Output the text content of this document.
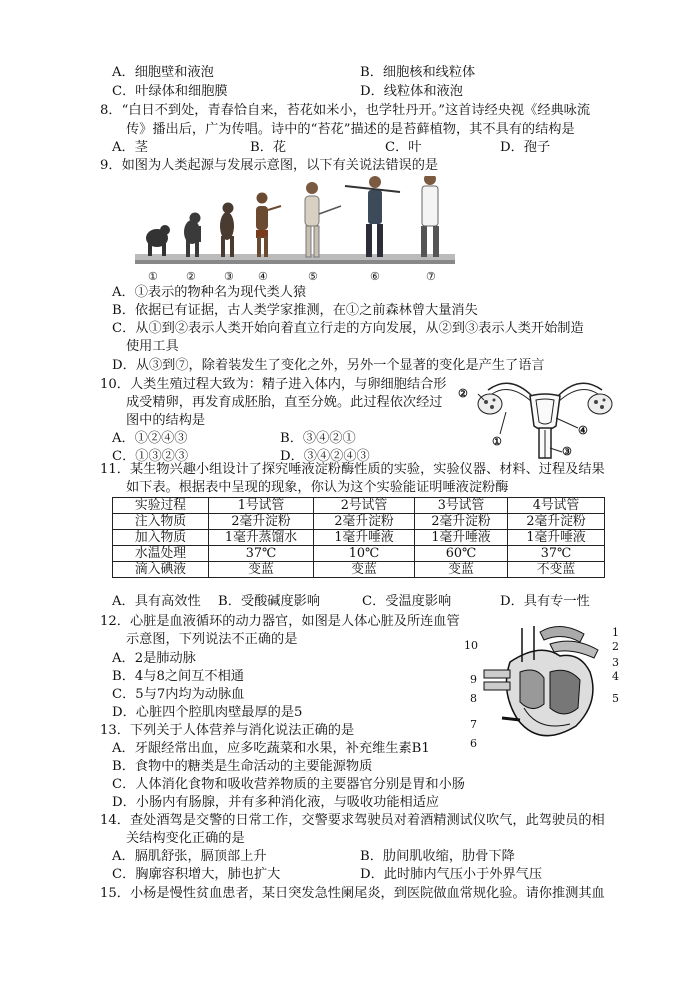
A．细胞壁和液泡	B．细胞核和线粒体
C．叶绿体和细胞膜	D．线粒体和液泡
8．“白日不到处，青春恰自来，苔花如米小，也学牡丹开。”这首诗经央视《经典咏流
传》播出后，广为传唱。诗中的“苔花”描述的是苔藓植物，其不具有的结构是
A．茎	B．花	C．叶	D．孢子
9．如图为人类起源与发展示意图，以下有关说法错误的是
①	②	③ ④	⑤	⑥	⑦
A．①表示的物种名为现代类人猿
B．依据已有证据，古人类学家推测，在①之前森林曾大量消失
C．从①到②表示人类开始向着直立行走的方向发展，从②到③表示人类开始制造
使用工具
D．从③到⑦，除着装发生了变化之外，另外一个显著的变化是产生了语言
10．人类生殖过程大致为：精子进入体内，与卵细胞结合形
成受精卵，再发育成胚胎，直至分娩。此过程依次经过
图中的结构是
A．①②④③	B．③④②①
C．①③②③	D．③④②④③
②
④
①
③
11．某生物兴趣小组设计了探究唾液淀粉酶性质的实验，实验仪器、材料、过程及结果
如下表。根据表中呈现的现象，你认为这个实验能证明唾液淀粉酶
实验过程	1号试管	2号试管	3号试管	4号试管
注入物质	2毫升淀粉	2毫升淀粉	2毫升淀粉	2毫升淀粉
加入物质	1毫升蒸馏水	1毫升唾液	1毫升唾液	1毫升唾液
水温处理	37℃	10℃	60℃	37℃
滴入碘液	变蓝	变蓝	变蓝	不变蓝
A．具有高效性 B．受酸碱度影响	C．受温度影响	D．具有专一性
12．心脏是血液循环的动力器官，如图是人体心脏及所连血管
示意图，下列说法不正确的是
A．2是肺动脉
B．4与8之间互不相通
C．5与7内均为动脉血
D．心脏四个腔肌肉壁最厚的是5
1
2
3
4
5
6
7
8
9
10
13．下列关于人体营养与消化说法正确的是
A．牙龈经常出血，应多吃蔬菜和水果，补充维生素B1
B．食物中的糖类是生命活动的主要能源物质
C．人体消化食物和吸收营养物质的主要器官分别是胃和小肠
D．小肠内有肠腺，并有多种消化液，与吸收功能相适应
14．查处酒驾是交警的日常工作，交警要求驾驶员对着酒精测试仪吹气，此驾驶员的相
关结构变化正确的是
A．膈肌舒张，膈顶部上升	B．肋间肌收缩，肋骨下降
C．胸廓容积增大，肺也扩大	D．此时肺内气压小于外界气压
15．小杨是慢性贫血患者，某日突发急性阑尾炎，到医院做血常规化验。请你推测其血
